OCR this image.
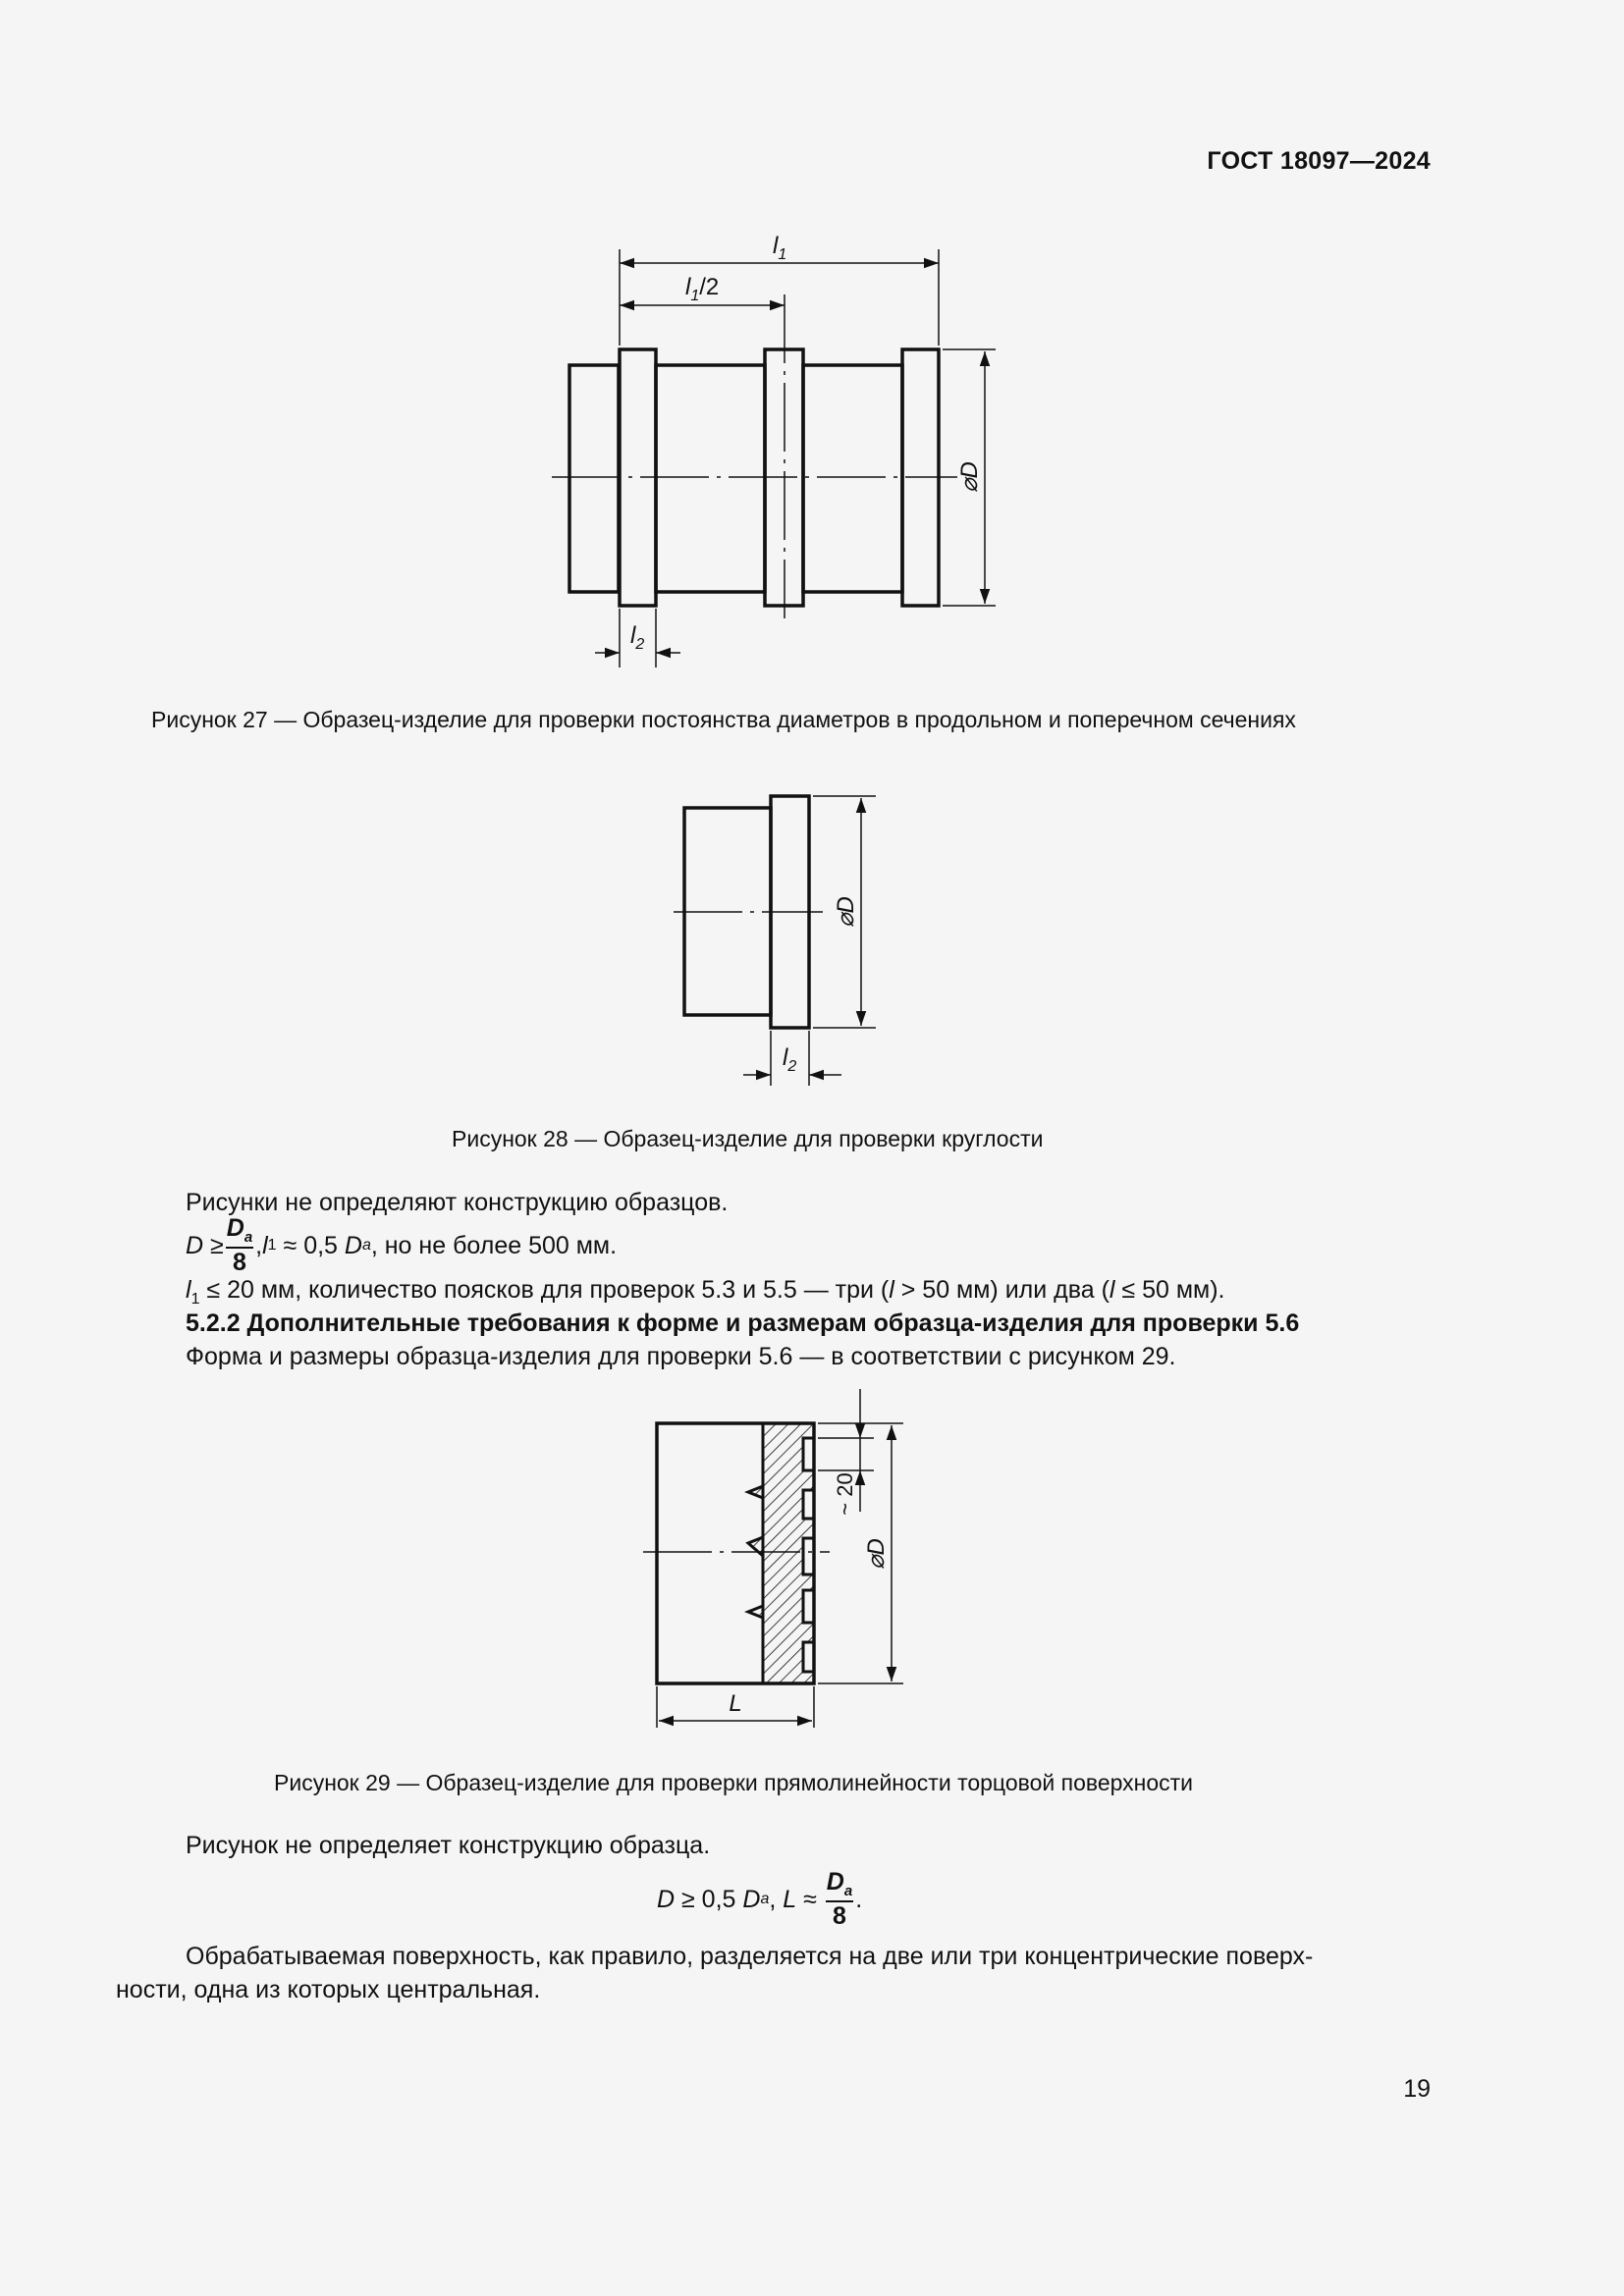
ГОСТ 18097—2024
$l_1$
$l_1/2$
$l_2$
⌀D
Рисунок 27 — Образец-изделие для проверки постоянства диаметров в продольном и поперечном сечениях
⌀D
$l_2$
Рисунок 28 — Образец-изделие для проверки круглости
Рисунки не определяют конструкцию образцов.
D
≥ $\frac{D_a}{8}$ , l 1 ≈ 0,5 D a , но не более 500 мм.
$l_1 \le 20$ мм, количество поясков для проверок 5.3 и 5.5 — три (l > 50 мм) или два (l ≤ 50 мм).
5.2.2 Дополнительные требования к форме и размерам образца-изделия для проверки 5.6
Форма и размеры образца-изделия для проверки 5.6 — в соответствии с рисунком 29.
~ 20
⌀D
L
Рисунок 29 — Образец-изделие для проверки прямолинейности торцовой поверхности
Рисунок не определяет конструкцию образца.
D ≥ 0,5 D a , $L \approx \frac{D_a}{8}$ .
Обрабатываемая поверхность, как правило, разделяется на две или три концентрические поверх-
ности, одна из которых центральная.
19
